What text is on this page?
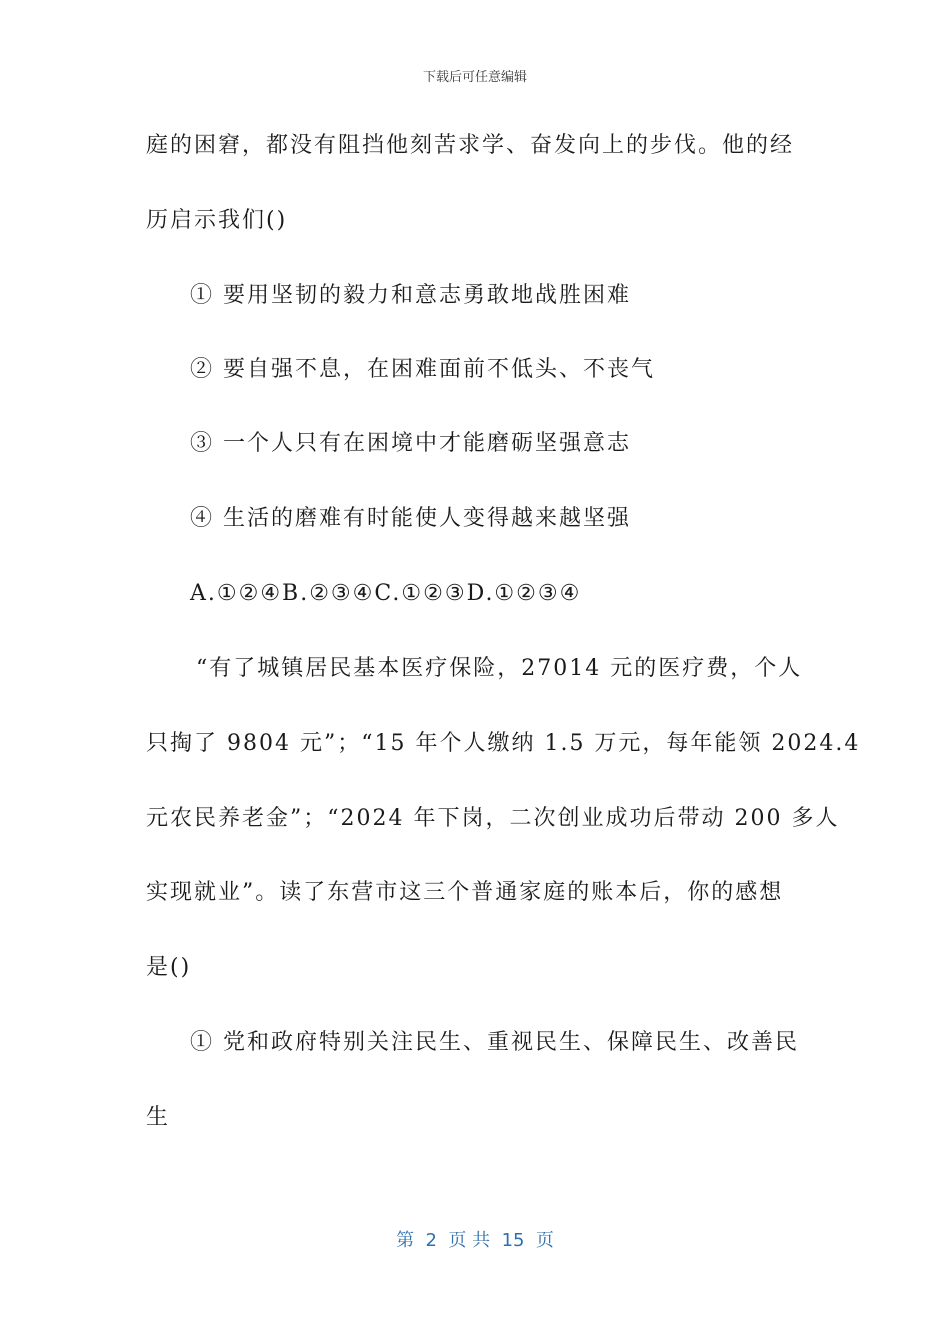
下载后可任意编辑
庭的困窘，都没有阻挡他刻苦求学、奋发向上的步伐。他的经
历启示我们()
① 要用坚韧的毅力和意志勇敢地战胜困难
② 要自强不息，在困难面前不低头、不丧气
③ 一个人只有在困境中才能磨砺坚强意志
④ 生活的磨难有时能使人变得越来越坚强
A.①②④B.②③④C.①②③D.①②③④
“有了城镇居民基本医疗保险，27014 元的医疗费，个人
只掏了 9804 元”；“15 年个人缴纳 1.5 万元，每年能领 2024.4
元农民养老金”；“2024 年下岗，二次创业成功后带动 200 多人
实现就业”。读了东营市这三个普通家庭的账本后，你的感想
是()
① 党和政府特别关注民生、重视民生、保障民生、改善民
生
第  2  页 共  15  页
